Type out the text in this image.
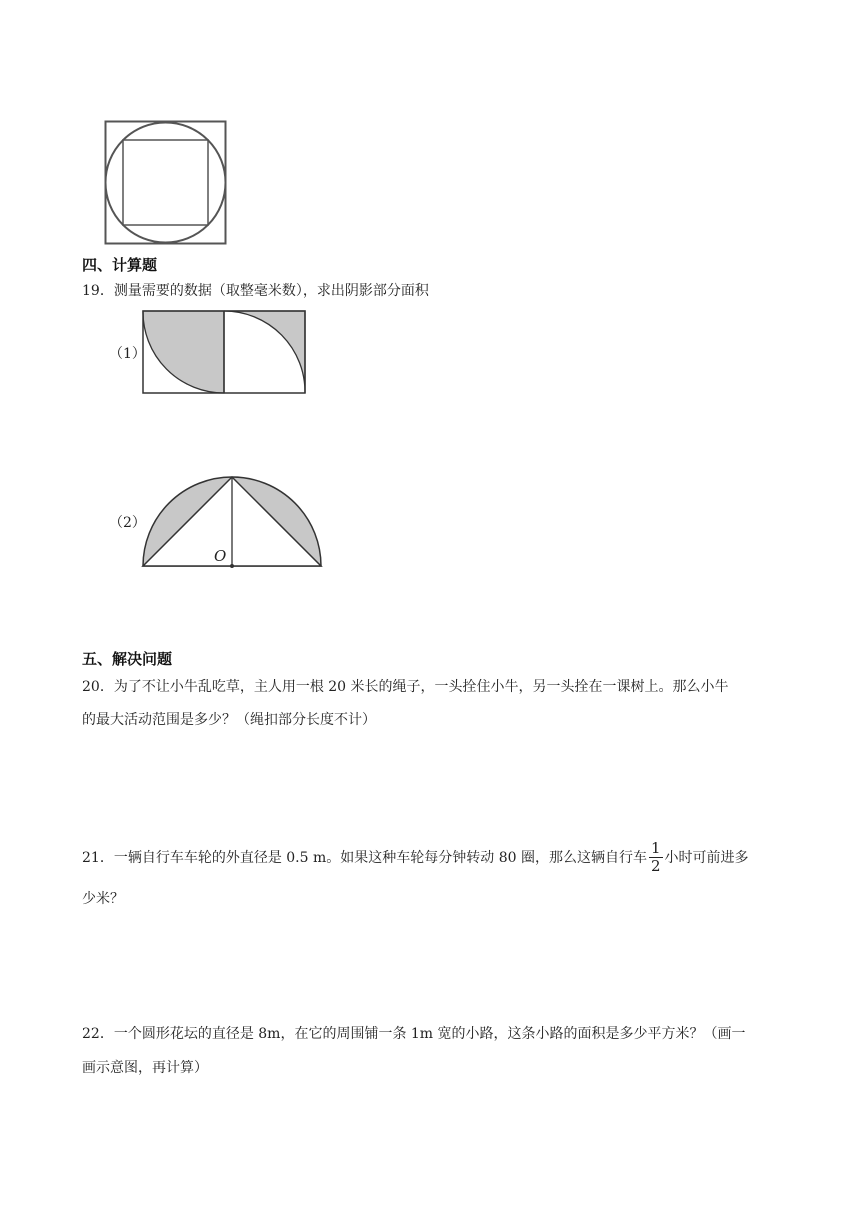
四、计算题
19．测量需要的数据（取整毫米数），求出阴影部分面积
（1）
（2）
O
五、解决问题
20．为了不让小牛乱吃草，主人用一根 20 米长的绳子，一头拴住小牛，另一头拴在一课树上。那么小牛
的最大活动范围是多少？（绳扣部分长度不计）
21．一辆自行车车轮的外直径是 0.5 m。如果这种车轮每分钟转动 80 圈，那么这辆自行车 $\frac{1}{2}$ 小时可前进多
少米？
22．一个圆形花坛的直径是 8m，在它的周围铺一条 1m 宽的小路，这条小路的面积是多少平方米？（画一
画示意图，再计算）
